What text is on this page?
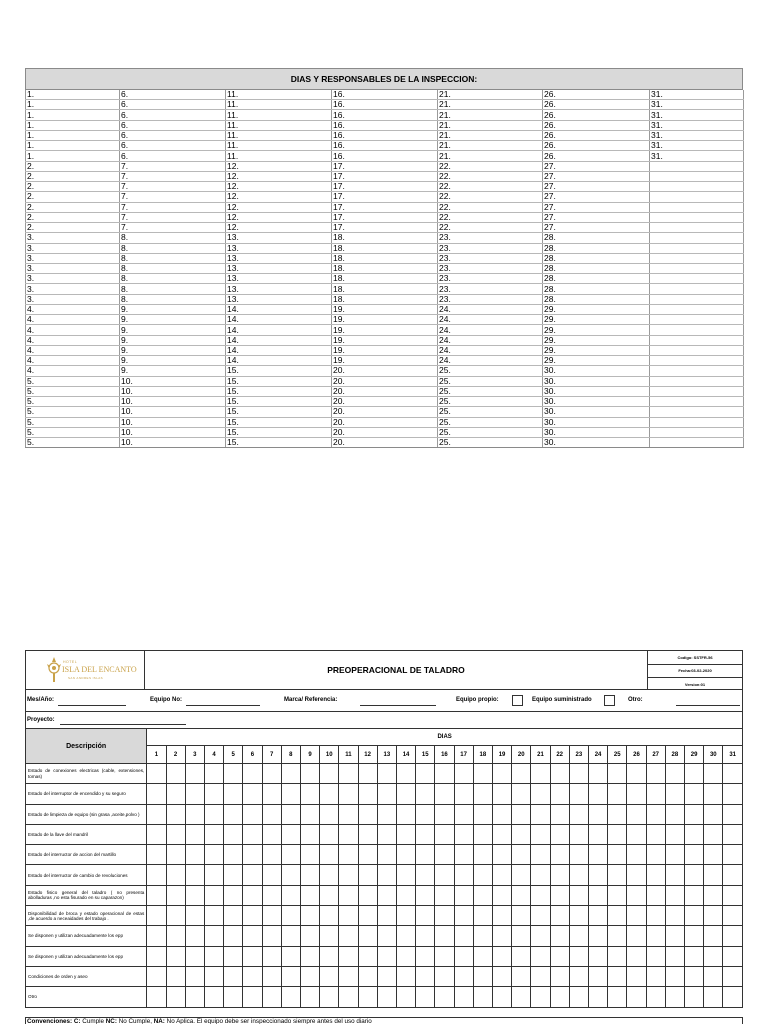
DIAS Y RESPONSABLES DE LA INSPECCION:
1.	6.	11.	16.	21.	26.	31.
1.	6.	11.	16.	21.	26.	31.
1.	6.	11.	16.	21.	26.	31.
1.	6.	11.	16.	21.	26.	31.
1.	6.	11.	16.	21.	26.	31.
1.	6.	11.	16.	21.	26.	31.
1.	6.	11.	16.	21.	26.	31.
2.	7.	12.	17.	22.	27.	
2.	7.	12.	17.	22.	27.	
2.	7.	12.	17.	22.	27.	
2.	7.	12.	17.	22.	27.	
2.	7.	12.	17.	22.	27.	
2.	7.	12.	17.	22.	27.	
2.	7.	12.	17.	22.	27.	
3.	8.	13.	18.	23.	28.	
3.	8.	13.	18.	23.	28.	
3.	8.	13.	18.	23.	28.	
3.	8.	13.	18.	23.	28.	
3.	8.	13.	18.	23.	28.	
3.	8.	13.	18.	23.	28.	
3.	8.	13.	18.	23.	28.	
4.	9.	14.	19.	24.	29.	
4.	9.	14.	19.	24.	29.	
4.	9.	14.	19.	24.	29.	
4.	9.	14.	19.	24.	29.	
4.	9.	14.	19.	24.	29.	
4.	9.	14.	19.	24.	29.	
4.	9.	15.	20.	25.	30.	
5.	10.	15.	20.	25.	30.	
5.	10.	15.	20.	25.	30.	
5.	10.	15.	20.	25.	30.	
5.	10.	15.	20.	25.	30.	
5.	10.	15.	20.	25.	30.	
5.	10.	15.	20.	25.	30.	
5.	10.	15.	20.	25.	30.	
HOTEL
ISLA DEL ENCANTO
SAN ANDRES ISLAS
PREOPERACIONAL DE TALADRO
Codigo: SSTFR-56
Fecha:03-02-2020
Version:01
Mes/Año:	Equipo No:	Marca/ Referencia:	Equipo propio:	Equipo suministrado	Otro:
Proyecto:
Descripción	DIAS																														
	1	2	3	4	5	6	7	8	9	10	11	12	13	14	15	16	17	18	19	20	21	22	23	24	25	26	27	28	29	30	31
Estado de conexiones electricas (cable, extensiones, tomas)																															
Estado del interruptor de encendido y su seguro																															
Estado de limpieza de equipo (sin grasa ,aceite,polvo )																															
Estado de la llave del mandril																															
Estado del interructor de accion del martillo																															
Estado del interructor de cambio de revoluciones																															
Estado fisico general del taladro ( no presenta abolladuras ,no esta fisurado en su caparazon)																															
Disponibilidad de broca y estado operacional de estas ,de acuerdo a neceaidades del trabajo .																															
Se disponen y utilizan adecuadamente los epp																															
Se disponen y utilizan adecuadamente los epp																															
Condiciones de orden y aseo																															
Otro																															
Convenciones: C: Cumple NC: No Cumple, NA: No Aplica. El equipo debe ser inspeccionado siempre antes del uso diario
